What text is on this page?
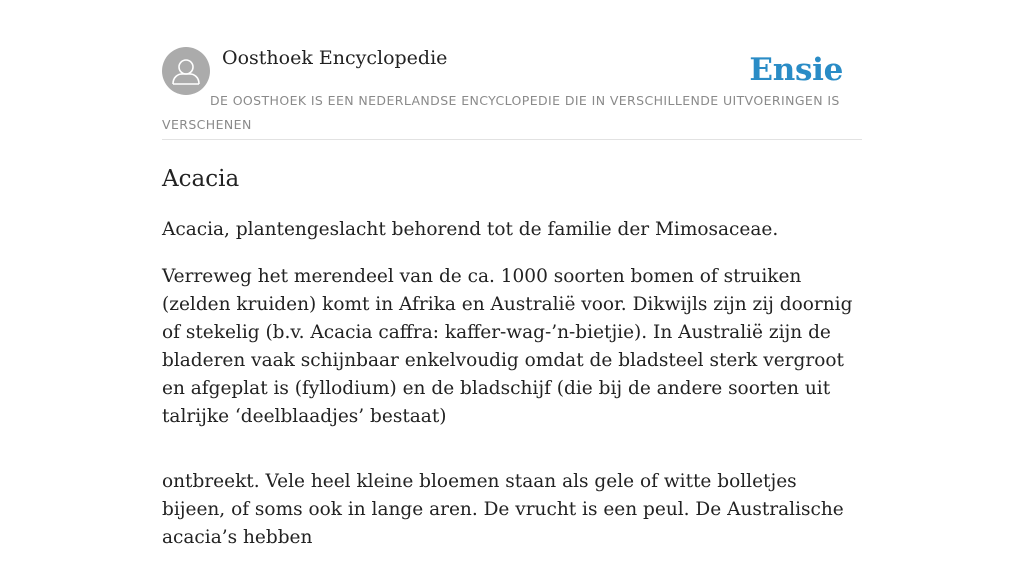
Oosthoek Encyclopedie	Ensie
DE OOSTHOEK IS EEN NEDERLANDSE ENCYCLOPEDIE DIE IN VERSCHILLENDE UITVOERINGEN IS VERSCHENEN
Acacia

Acacia, plantengeslacht behorend tot de familie der Mimosaceae.

Verreweg het merendeel van de ca. 1000 soorten bomen of struiken (zelden kruiden) komt in Afrika en Australië voor. Dikwijls zijn zij doornig of stekelig (b.v. Acacia caffra: kaffer-wag-’n-bietjie). In Australië zijn de bladeren vaak schijnbaar enkelvoudig omdat de bladsteel sterk vergroot en afgeplat is (fyllodium) en de bladschijf (die bij de andere soorten uit talrijke ‘deelblaadjes’ bestaat)

ontbreekt. Vele heel kleine bloemen staan als gele of witte bolletjes bijeen, of soms ook in lange aren. De vrucht is een peul. De Australische acacia’s hebben
